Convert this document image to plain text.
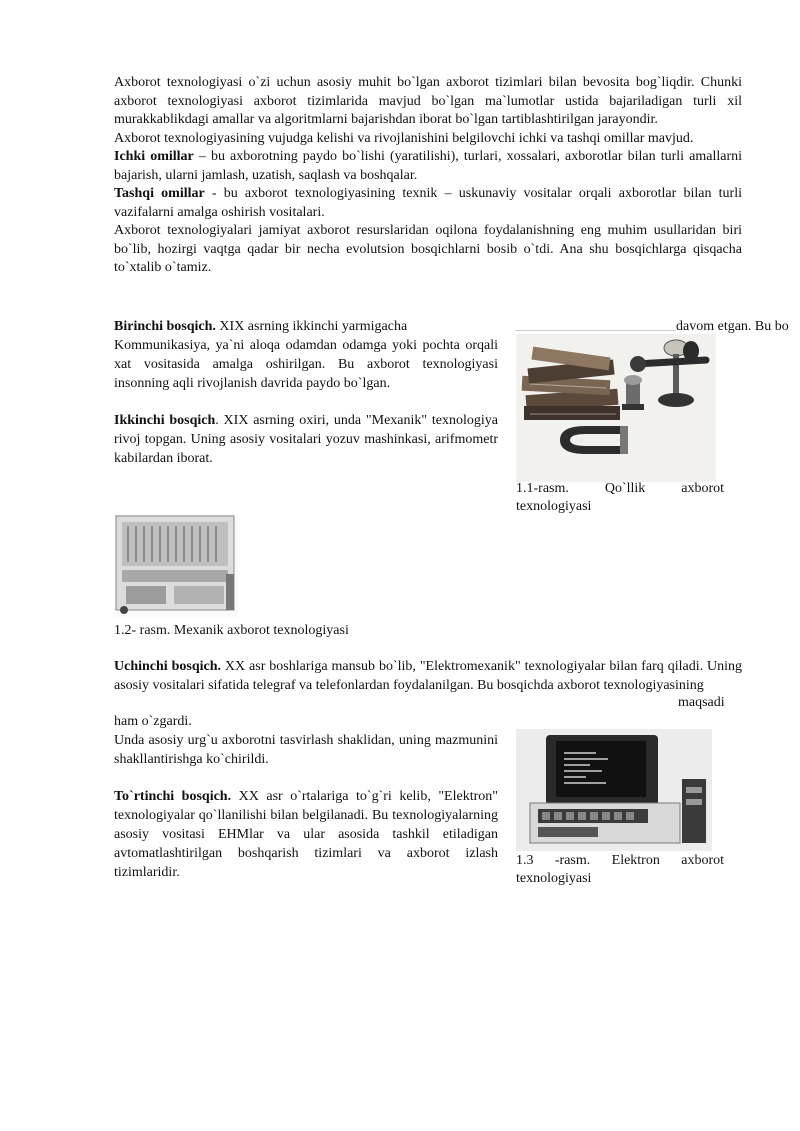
Axborot texnologiyasi o`zi uchun asosiy muhit bo`lgan axborot tizimlari bilan bevosita bog`liqdir. Chunki axborot texnologiyasi axborot tizimlarida mavjud bo`lgan ma`lumotlar ustida bajariladigan turli xil murakkablikdagi amallar va algoritmlarni bajarishdan iborat bo`lgan tartiblashtirilgan jarayondir.

Axborot texnologiyasining vujudga kelishi va rivojlanishini belgilovchi ichki va tashqi omillar mavjud.

Ichki omillar – bu axborotning paydo bo`lishi (yaratilishi), turlari, xossalari, axborotlar bilan turli amallarni bajarish, ularni jamlash, uzatish, saqlash va boshqalar.

Tashqi omillar - bu axborot texnologiyasining texnik – uskunaviy vositalar orqali axborotlar bilan turli vazifalarni amalga oshirish vositalari.

Axborot texnologiyalari jamiyat axborot resurslaridan oqilona foydalanishning eng muhim usullaridan biri bo`lib, hozirgi vaqtga qadar bir necha evolutsion bosqichlarni bosib o`tdi. Ana shu bosqichlarga qisqacha to`xtalib o`tamiz.

Birinchi bosqich. XIX asrning ikkinchi yarmigacha	davom etgan. Bu bo

Kommunikasiya, ya`ni aloqa odamdan odamga yoki pochta orqali xat vositasida amalga oshirilgan. Bu axborot texnologiyasi insonning aqli rivojlanish davrida paydo bo`lgan.

Ikkinchi bosqich. XIX asrning oxiri, unda "Mexanik" texnologiya rivoj topgan. Uning asosiy vositalari yozuv mashinkasi, arifmometr kabilardan iborat.

1.1-rasm. Qo`llik axborot texnologiyasi
1.2- rasm. Mexanik axborot texnologiyasi

Uchinchi bosqich. XX asr boshlariga mansub bo`lib, "Elektromexanik" texnologiyalar bilan farq qiladi. Uning asosiy vositalari sifatida telegraf va telefonlardan foydalanilgan. Bu bosqichda axborot texnologiyasining

maqsadi
ham o`zgardi.

Unda asosiy urg`u axborotni tasvirlash shaklidan, uning mazmunini shakllantirishga ko`chirildi.

To`rtinchi bosqich. XX asr o`rtalariga to`g`ri kelib, "Elektron" texnologiyalar qo`llanilishi bilan belgilanadi. Bu texnologiyalarning asosiy vositasi EHMlar va ular asosida tashkil etiladigan avtomatlashtirilgan boshqarish tizimlari va axborot izlash tizimlaridir.

1.3 -rasm. Elektron axborot texnologiyasi
